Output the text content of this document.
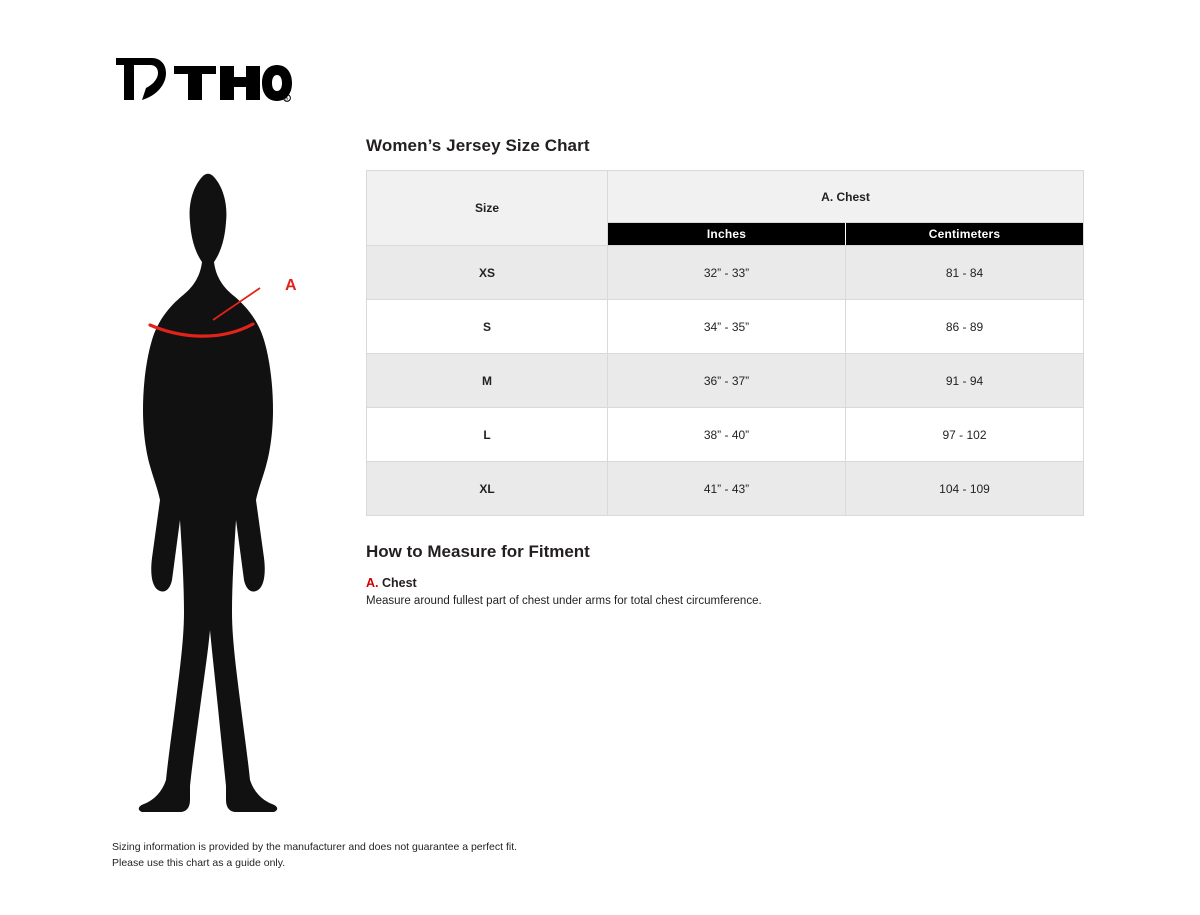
R
A
Women’s Jersey Size Chart
Size	A. Chest	
	Inches	Centimeters
XS	32” - 33”	81 - 84
S	34” - 35”	86 - 89
M	36” - 37”	91 - 94
L	38” - 40”	97 - 102
XL	41” - 43”	104 - 109
How to Measure for Fitment
A. Chest
Measure around fullest part of chest under arms for total chest circumference.
Sizing information is provided by the manufacturer and does not guarantee a perfect fit.
Please use this chart as a guide only.
